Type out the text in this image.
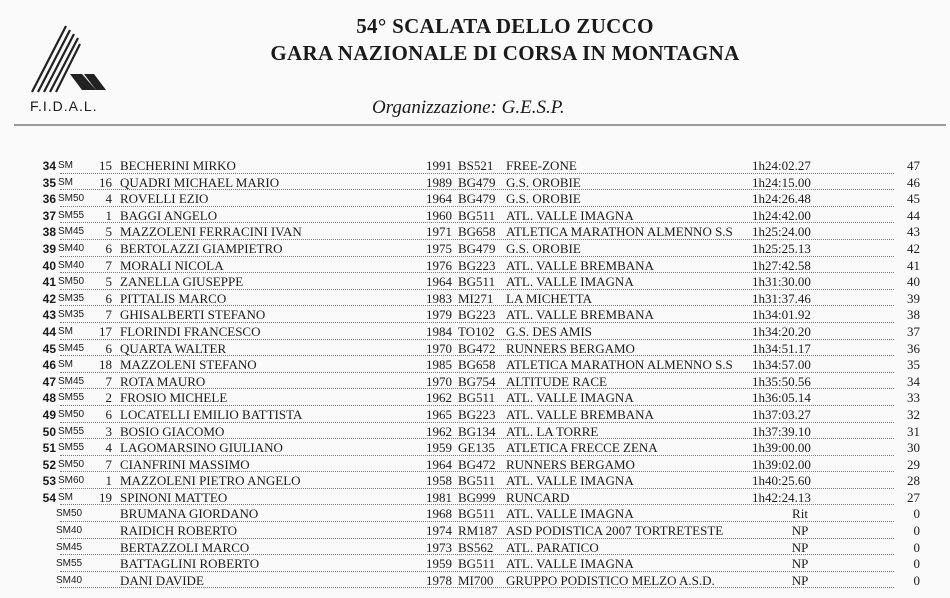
F.I.D.A.L.
54° SCALATA DELLO ZUCCO
GARA NAZIONALE DI CORSA IN MONTAGNA
Organizzazione: G.E.S.P.
34 SM 15 BECHERINI MIRKO	1991 BS521 FREE-ZONE	1h24:02.27	47
35 SM 16 QUADRI MICHAEL MARIO	1989 BG479 G.S. OROBIE	1h24:15.00	46
36 SM50	4 ROVELLI EZIO	1964 BG479 G.S. OROBIE	1h24:26.48	45
37 SM55	1 BAGGI ANGELO	1960 BG511 ATL. VALLE IMAGNA	1h24:42.00	44
38 SM45	5 MAZZOLENI FERRACINI IVAN	1971 BG658 ATLETICA MARATHON ALMENNO S.S	1h25:24.00	43
39 SM40	6 BERTOLAZZI GIAMPIETRO	1975 BG479 G.S. OROBIE	1h25:25.13	42
40 SM40	7 MORALI NICOLA	1976 BG223 ATL. VALLE BREMBANA	1h27:42.58	41
41 SM50	5 ZANELLA GIUSEPPE	1964 BG511 ATL. VALLE IMAGNA	1h31:30.00	40
42 SM35	6 PITTALIS MARCO	1983 MI271 LA MICHETTA	1h31:37.46	39
43 SM35	7 GHISALBERTI STEFANO	1979 BG223 ATL. VALLE BREMBANA	1h34:01.92	38
44 SM 17 FLORINDI FRANCESCO	1984 TO102 G.S. DES AMIS	1h34:20.20	37
45 SM45	6 QUARTA WALTER	1970 BG472 RUNNERS BERGAMO	1h34:51.17	36
46 SM 18 MAZZOLENI STEFANO	1985 BG658 ATLETICA MARATHON ALMENNO S.S	1h34:57.00	35
47 SM45	7 ROTA MAURO	1970 BG754 ALTITUDE RACE	1h35:50.56	34
48 SM55	2 FROSIO MICHELE	1962 BG511 ATL. VALLE IMAGNA	1h36:05.14	33
49 SM50	6 LOCATELLI EMILIO BATTISTA	1965 BG223 ATL. VALLE BREMBANA	1h37:03.27	32
50 SM55	3 BOSIO GIACOMO	1962 BG134 ATL. LA TORRE	1h37:39.10	31
51 SM55	4 LAGOMARSINO GIULIANO	1959 GE135 ATLETICA FRECCE ZENA	1h39:00.00	30
52 SM50	7 CIANFRINI MASSIMO	1964 BG472 RUNNERS BERGAMO	1h39:02.00	29
53 SM60	1 MAZZOLENI PIETRO ANGELO	1958 BG511 ATL. VALLE IMAGNA	1h40:25.60	28
54 SM 19 SPINONI MATTEO	1981 BG999 RUNCARD	1h42:24.13	27
SM50	BRUMANA GIORDANO	1968 BG511 ATL. VALLE IMAGNA	Rit	0
SM40	RAIDICH ROBERTO	1974 RM187 ASD PODISTICA 2007 TORTRETESTE	NP	0
SM45	BERTAZZOLI MARCO	1973 BS562 ATL. PARATICO	NP	0
SM55	BATTAGLINI ROBERTO	1959 BG511 ATL. VALLE IMAGNA	NP	0
SM40	DANI DAVIDE	1978 MI700 GRUPPO PODISTICO MELZO A.S.D.	NP	0
